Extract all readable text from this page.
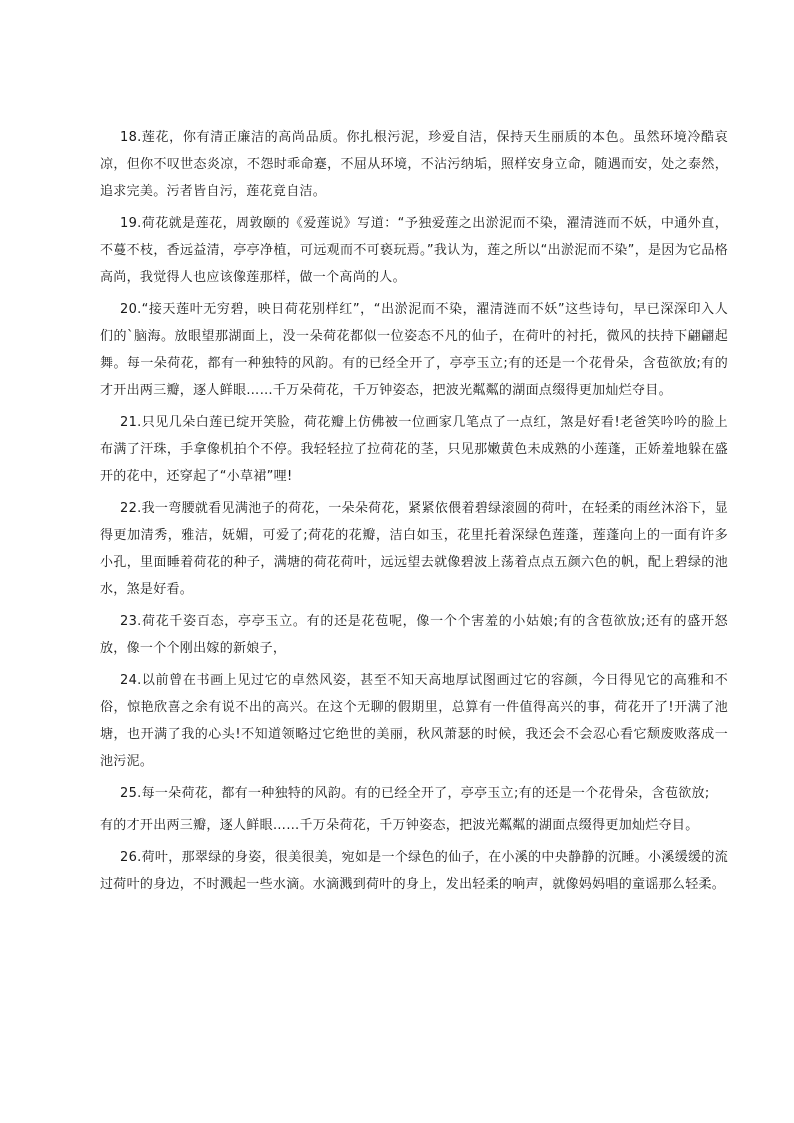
18.莲花，你有清正廉洁的高尚品质。你扎根污泥，珍爱自洁，保持天生丽质的本色。虽然环境冷酷哀凉，但你不叹世态炎凉，不怨时乖命蹇，不屈从环境，不沾污纳垢，照样安身立命，随遇而安，处之泰然，追求完美。污者皆自污，莲花竟自洁。

19.荷花就是莲花，周敦颐的《爱莲说》写道：“予独爱莲之出淤泥而不染，濯清涟而不妖，中通外直，不蔓不枝，香远益清，亭亭净植，可远观而不可亵玩焉。”我认为，莲之所以“出淤泥而不染”，是因为它品格高尚，我觉得人也应该像莲那样，做一个高尚的人。

20.“接天莲叶无穷碧，映日荷花别样红”，“出淤泥而不染，濯清涟而不妖”这些诗句，早已深深印入人们的`脑海。放眼望那湖面上，没一朵荷花都似一位姿态不凡的仙子，在荷叶的衬托，微风的扶持下翩翩起舞。每一朵荷花，都有一种独特的风韵。有的已经全开了，亭亭玉立;有的还是一个花骨朵，含苞欲放;有的才开出两三瓣，逐人鲜眼……千万朵荷花，千万钟姿态，把波光粼粼的湖面点缀得更加灿烂夺目。

21.只见几朵白莲已绽开笑脸，荷花瓣上仿佛被一位画家几笔点了一点红，煞是好看!老爸笑吟吟的脸上布满了汗珠，手拿像机拍个不停。我轻轻拉了拉荷花的茎，只见那嫩黄色未成熟的小莲蓬，正娇羞地躲在盛开的花中，还穿起了“小草裙”哩!

22.我一弯腰就看见满池子的荷花，一朵朵荷花，紧紧依偎着碧绿滚圆的荷叶，在轻柔的雨丝沐浴下，显得更加清秀，雅洁，妩媚，可爱了;荷花的花瓣，洁白如玉，花里托着深绿色莲蓬，莲蓬向上的一面有许多小孔，里面睡着荷花的种子，满塘的荷花荷叶，远远望去就像碧波上荡着点点五颜六色的帆，配上碧绿的池水，煞是好看。

23.荷花千姿百态，亭亭玉立。有的还是花苞呢，像一个个害羞的小姑娘;有的含苞欲放;还有的盛开怒放，像一个个刚出嫁的新娘子，

24.以前曾在书画上见过它的卓然风姿，甚至不知天高地厚试图画过它的容颜，今日得见它的高雅和不俗，惊艳欣喜之余有说不出的高兴。在这个无聊的假期里，总算有一件值得高兴的事，荷花开了!开满了池塘，也开满了我的心头!不知道领略过它绝世的美丽，秋风萧瑟的时候，我还会不会忍心看它颓废败落成一池污泥。

25.每一朵荷花，都有一种独特的风韵。有的已经全开了，亭亭玉立;有的还是一个花骨朵，含苞欲放;

有的才开出两三瓣，逐人鲜眼……千万朵荷花，千万钟姿态，把波光粼粼的湖面点缀得更加灿烂夺目。

26.荷叶，那翠绿的身姿，很美很美，宛如是一个绿色的仙子，在小溪的中央静静的沉睡。小溪缓缓的流过荷叶的身边，不时溅起一些水滴。水滴溅到荷叶的身上，发出轻柔的响声，就像妈妈唱的童谣那么轻柔。
